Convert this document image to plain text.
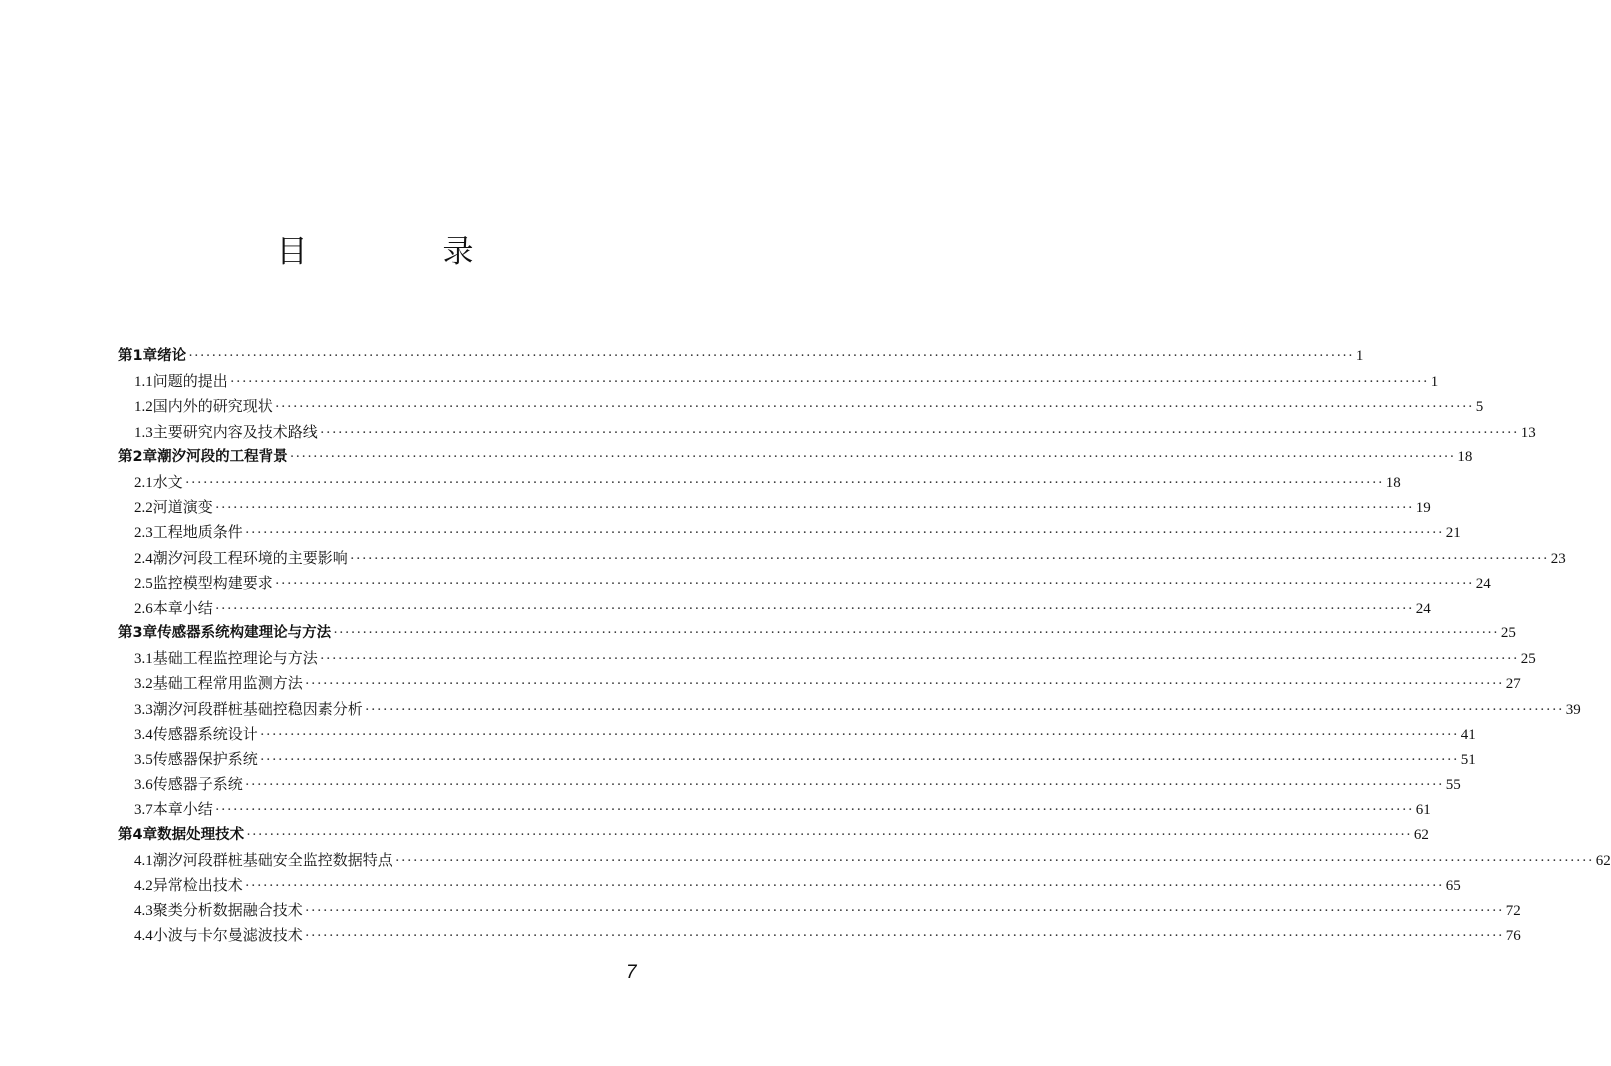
目　录
第1章 绪论 ········································································································································································································ 1
1.1 问题的提出 ········································································································································································································ 1
1.2 国内外的研究现状 ········································································································································································································ 5
1.3 主要研究内容及技术路线 ········································································································································································································ 13
第2章 潮汐河段的工程背景 ········································································································································································································ 18
2.1 水文 ········································································································································································································ 18
2.2 河道演变 ········································································································································································································ 19
2.3 工程地质条件 ········································································································································································································ 21
2.4 潮汐河段工程环境的主要影响 ········································································································································································································ 23
2.5 监控模型构建要求 ········································································································································································································ 24
2.6 本章小结 ········································································································································································································ 24
第3章 传感器系统构建理论与方法 ········································································································································································································ 25
3.1 基础工程监控理论与方法 ········································································································································································································ 25
3.2 基础工程常用监测方法 ········································································································································································································ 27
3.3 潮汐河段群桩基础控稳因素分析 ········································································································································································································ 39
3.4 传感器系统设计 ········································································································································································································ 41
3.5 传感器保护系统 ········································································································································································································ 51
3.6 传感器子系统 ········································································································································································································ 55
3.7 本章小结 ········································································································································································································ 61
第4章 数据处理技术 ········································································································································································································ 62
4.1 潮汐河段群桩基础安全监控数据特点 ········································································································································································································ 62
4.2 异常检出技术 ········································································································································································································ 65
4.3 聚类分析数据融合技术 ········································································································································································································ 72
4.4 小波与卡尔曼滤波技术 ········································································································································································································ 76
7
